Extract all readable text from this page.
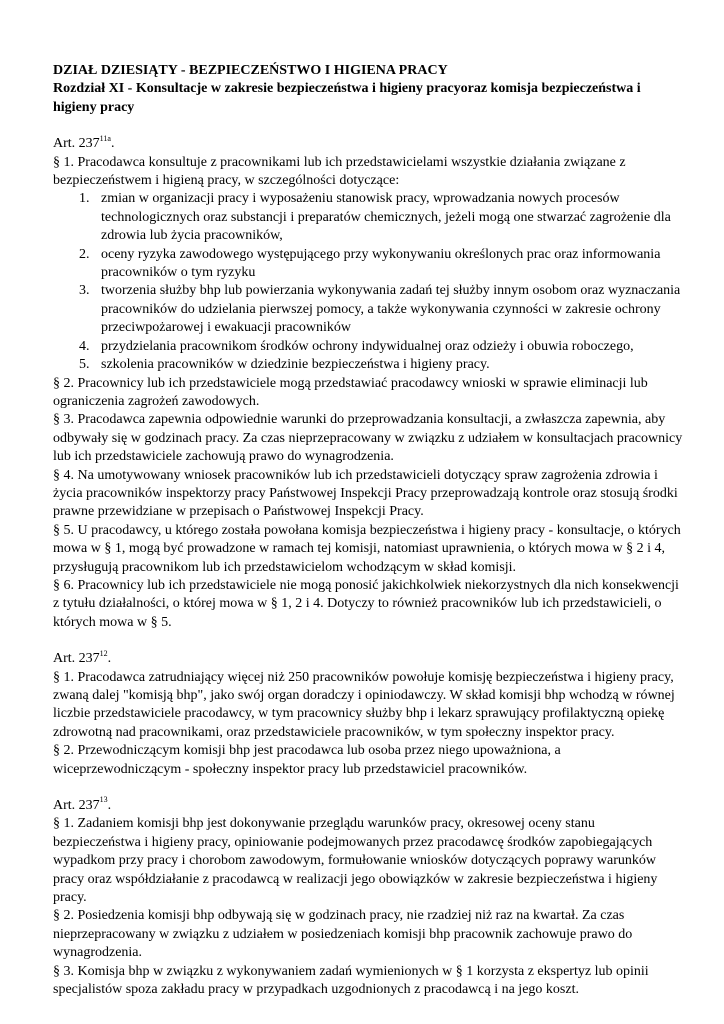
DZIAŁ DZIESIĄTY - BEZPIECZEŃSTWO I HIGIENA PRACY

Rozdział XI - Konsultacje w zakresie bezpieczeństwa i higieny pracyoraz komisja bezpieczeństwa i higieny pracy

Art. $237^{11a}$.

§ 1. Pracodawca konsultuje z pracownikami lub ich przedstawicielami wszystkie działania związane z bezpieczeństwem i higieną pracy, w szczególności dotyczące:

1. zmian w organizacji pracy i wyposażeniu stanowisk pracy, wprowadzania nowych procesów technologicznych oraz substancji i preparatów chemicznych, jeżeli mogą one stwarzać zagrożenie dla zdrowia lub życia pracowników,
2. oceny ryzyka zawodowego występującego przy wykonywaniu określonych prac oraz informowania pracowników o tym ryzyku
3. tworzenia służby bhp lub powierzania wykonywania zadań tej służby innym osobom oraz wyznaczania pracowników do udzielania pierwszej pomocy, a także wykonywania czynności w zakresie ochrony przeciwpożarowej i ewakuacji pracowników
4. przydzielania pracownikom środków ochrony indywidualnej oraz odzieży i obuwia roboczego,
5. szkolenia pracowników w dziedzinie bezpieczeństwa i higieny pracy.

§ 2. Pracownicy lub ich przedstawiciele mogą przedstawiać pracodawcy wnioski w sprawie eliminacji lub ograniczenia zagrożeń zawodowych.

§ 3. Pracodawca zapewnia odpowiednie warunki do przeprowadzania konsultacji, a zwłaszcza zapewnia, aby odbywały się w godzinach pracy. Za czas nieprzepracowany w związku z udziałem w konsultacjach pracownicy lub ich przedstawiciele zachowują prawo do wynagrodzenia.

§ 4. Na umotywowany wniosek pracowników lub ich przedstawicieli dotyczący spraw zagrożenia zdrowia i życia pracowników inspektorzy pracy Państwowej Inspekcji Pracy przeprowadzają kontrole oraz stosują środki prawne przewidziane w przepisach o Państwowej Inspekcji Pracy.

§ 5. U pracodawcy, u którego została powołana komisja bezpieczeństwa i higieny pracy - konsultacje, o których mowa w § 1, mogą być prowadzone w ramach tej komisji, natomiast uprawnienia, o których mowa w § 2 i 4, przysługują pracownikom lub ich przedstawicielom wchodzącym w skład komisji.

§ 6. Pracownicy lub ich przedstawiciele nie mogą ponosić jakichkolwiek niekorzystnych dla nich konsekwencji z tytułu działalności, o której mowa w § 1, 2 i 4. Dotyczy to również pracowników lub ich przedstawicieli, o których mowa w § 5.

Art. $237^{12}$.

§ 1. Pracodawca zatrudniający więcej niż 250 pracowników powołuje komisję bezpieczeństwa i higieny pracy, zwaną dalej "komisją bhp", jako swój organ doradczy i opiniodawczy. W skład komisji bhp wchodzą w równej liczbie przedstawiciele pracodawcy, w tym pracownicy służby bhp i lekarz sprawujący profilaktyczną opiekę zdrowotną nad pracownikami, oraz przedstawiciele pracowników, w tym społeczny inspektor pracy.

§ 2. Przewodniczącym komisji bhp jest pracodawca lub osoba przez niego upoważniona, a wiceprzewodniczącym - społeczny inspektor pracy lub przedstawiciel pracowników.

Art. $237^{13}$.

§ 1. Zadaniem komisji bhp jest dokonywanie przeglądu warunków pracy, okresowej oceny stanu bezpieczeństwa i higieny pracy, opiniowanie podejmowanych przez pracodawcę środków zapobiegających wypadkom przy pracy i chorobom zawodowym, formułowanie wniosków dotyczących poprawy warunków pracy oraz współdziałanie z pracodawcą w realizacji jego obowiązków w zakresie bezpieczeństwa i higieny pracy.

§ 2. Posiedzenia komisji bhp odbywają się w godzinach pracy, nie rzadziej niż raz na kwartał. Za czas nieprzepracowany w związku z udziałem w posiedzeniach komisji bhp pracownik zachowuje prawo do wynagrodzenia.

§ 3. Komisja bhp w związku z wykonywaniem zadań wymienionych w § 1 korzysta z ekspertyz lub opinii specjalistów spoza zakładu pracy w przypadkach uzgodnionych z pracodawcą i na jego koszt.
